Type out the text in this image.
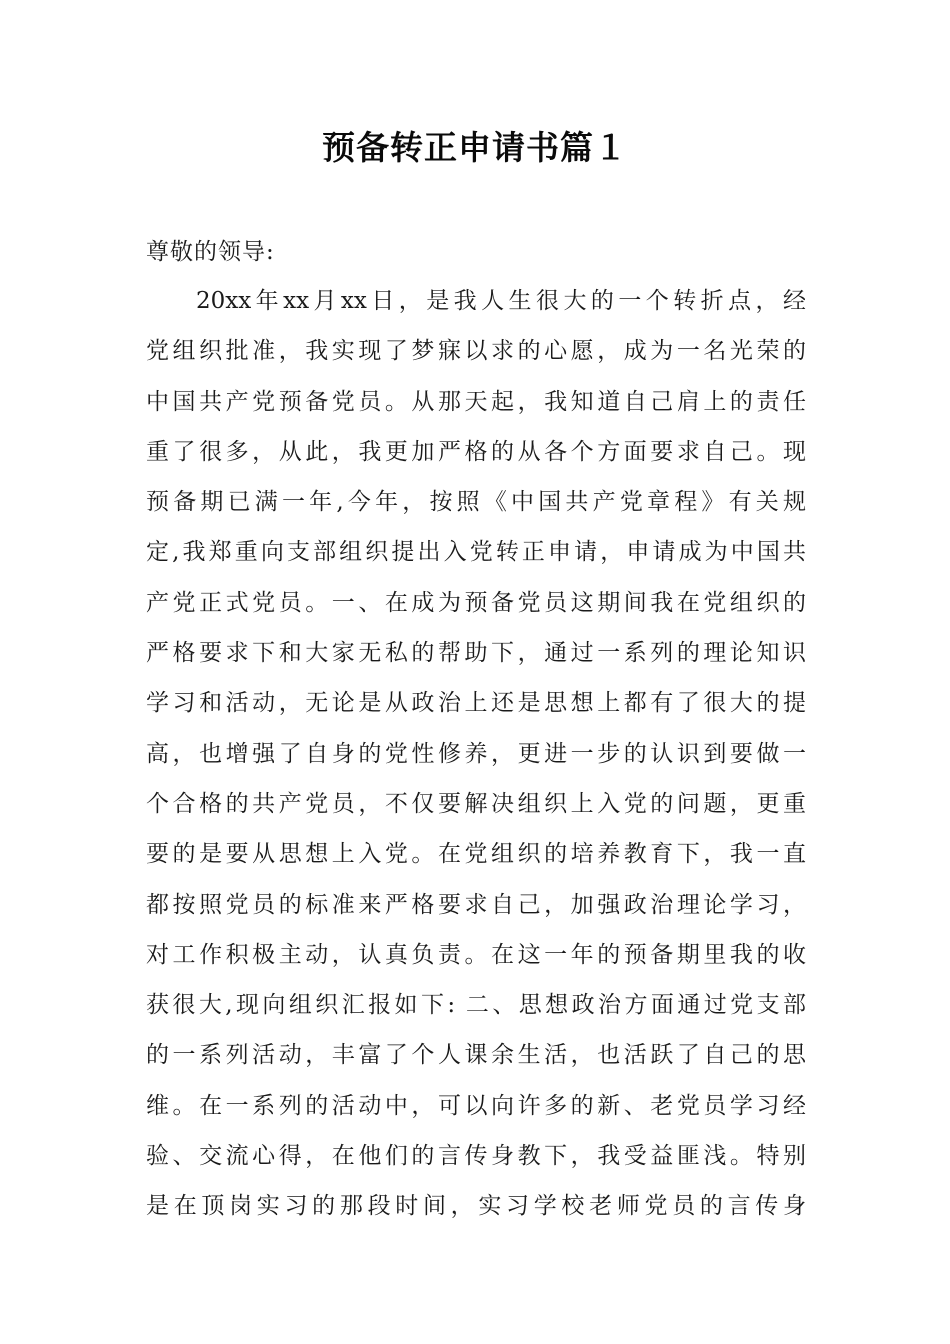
预备转正申请书篇１
尊敬的领导:
20xx年xx月xx日，是我人生很大的一个转折点，经
党组织批准，我实现了梦寐以求的心愿，成为一名光荣的
中国共产党预备党员。从那天起，我知道自己肩上的责任
重了很多，从此，我更加严格的从各个方面要求自己。现
预备期已满一年,今年，按照《中国共产党章程》有关规
定,我郑重向支部组织提出入党转正申请，申请成为中国共
产党正式党员。一、在成为预备党员这期间我在党组织的
严格要求下和大家无私的帮助下，通过一系列的理论知识
学习和活动，无论是从政治上还是思想上都有了很大的提
高，也增强了自身的党性修养，更进一步的认识到要做一
个合格的共产党员，不仅要解决组织上入党的问题，更重
要的是要从思想上入党。在党组织的培养教育下，我一直
都按照党员的标准来严格要求自己，加强政治理论学习，
对工作积极主动，认真负责。在这一年的预备期里我的收
获很大,现向组织汇报如下: 二、思想政治方面通过党支部
的一系列活动，丰富了个人课余生活，也活跃了自己的思
维。在一系列的活动中，可以向许多的新、老党员学习经
验、交流心得，在他们的言传身教下，我受益匪浅。特别
是在顶岗实习的那段时间，实习学校老师党员的言传身
